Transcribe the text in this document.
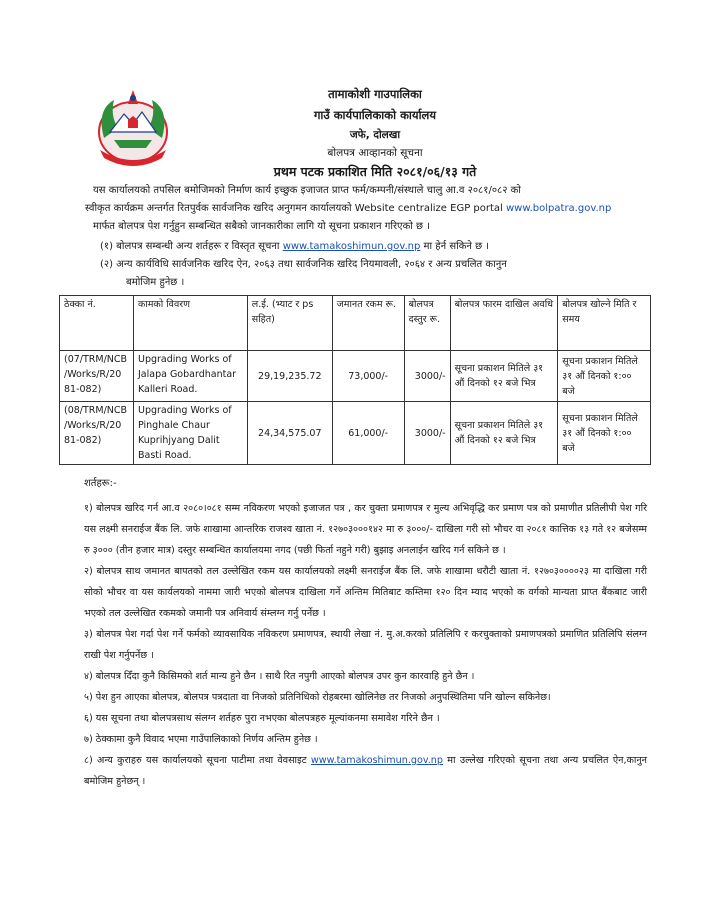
तामाकोशी गाउपालिका
गाउँ कार्यपालिकाको कार्यालय
जफे, दोलखा
बोलपत्र आव्हानको सूचना
प्रथम पटक प्रकाशित मिति २०८१/०६/१३ गते
यस कार्यालयको तपसिल बमोजिमको निर्माण कार्य इच्छुक इजाजत प्राप्त फर्म/कम्पनी/संस्थाले चालु आ.व २०८१/०८२ को
स्वीकृत कार्यक्रम अन्तर्गत रितपुर्वक सार्वजनिक खरिद अनुगमन कार्यालयको Website centralize EGP portal www.bolpatra.gov.np
मार्फत बोलपत्र पेश गर्नुहुन सम्बन्धित सबैको जानकारीका लागि यो सूचना प्रकाशन गरिएको छ ।
(१) बोलपत्र सम्बन्धी अन्य शर्तहरू र विस्तृत सूचना www.tamakoshimun.gov.np मा हेर्न सकिने छ ।
(२) अन्य कार्यविधि सार्वजनिक खरिद ऐन, २०६३ तथा सार्वजनिक खरिद नियमावली, २०६४ र अन्य प्रचलित कानुन
बमोजिम हुनेछ ।
ठेक्का नं.	कामको विवरण	ल.ई. (भ्याट र ps सहित)	जमानत रकम रू.	बोलपत्र दस्तुर रू.	बोलपत्र फारम दाखिल अवधि	बोलपत्र खोल्ने मिति र समय
(07/TRM/NCB /Works/R/20 81-082)	Upgrading Works of Jalapa Gobardhantar Kalleri Road.	29,19,235.72	73,000/-	3000/-	सूचना प्रकाशन मितिले ३१ औं दिनको १२ बजे भित्र	सूचना प्रकाशन मितिले ३१ औं दिनको १:०० बजे
(08/TRM/NCB /Works/R/20 81-082)	Upgrading Works of Pinghale Chaur Kuprihjyang Dalit Basti Road.	24,34,575.07	61,000/-	3000/-	सूचना प्रकाशन मितिले ३१ औं दिनको १२ बजे भित्र	सूचना प्रकाशन मितिले ३१ औं दिनको १:०० बजे
शर्तहरू:-

१) बोलपत्र खरिद गर्न आ.व २०८०।०८१ सम्म नविकरण भएको इजाजत पत्र , कर चुक्ता प्रमाणपत्र र मुल्य अभिवृद्धि कर प्रमाण पत्र को प्रमाणीत प्रतिलीपी पेश गरि यस लक्ष्मी सनराईज बैंक लि. जफे शाखामा आन्तरिक राजश्व खाता नं. १२७०३०००१४२ मा रु ३०००/- दाखिला गरी सो भौचर वा २०८१ कात्तिक १३ गते १२ बजेसम्म रु ३००० (तीन हजार मात्र) दस्तुर सम्बन्धित कार्यालयमा नगद (पछी फिर्ता नहुने गरी) बुझाइ अनलाईन खरिद गर्न सकिने छ ।

२) बोलपत्र साथ जमानत बापतको तल उल्लेखित रकम यस कार्यालयको लक्ष्मी सनराईज बैंक लि. जफे शाखामा धरौटी खाता नं. १२७०३००००२३ मा दाखिला गरी सोको भौचर वा यस कार्यलयको नाममा जारी भएको बोलपत्र दाखिला गर्ने अन्तिम मितिबाट कम्तिमा १२० दिन म्याद भएको क वर्गको मान्यता प्राप्त बैंकबाट जारी भएको तल उल्लेखित रकमको जमानी पत्र अनिवार्य संम्लग्न गर्नु पर्नेछ ।

३) बोलपत्र पेश गर्दा पेश गर्ने फर्मको व्यावसायिक नविकरण प्रमाणपत्र, स्थायी लेखा नं. मु.अ.करको प्रतिलिपि र करचुक्ताको प्रमाणपत्रको प्रमाणित प्रतिलिपि संलग्न राखी पेश गर्नुपर्नेछ ।

४) बोलपत्र दिँदा कुनै किसिमको शर्त मान्य हुने छैन । साथै रित नपुगी आएको बोलपत्र उपर कुन कारवाहि हुने छैन ।

५) पेश हुन आएका बोलपत्र, बोलपत्र पत्रदाता वा निजको प्रतिनिधिको रोहबरमा खोलिनेछ तर निजको अनुपस्थितिमा पनि खोल्न सकिनेछ।

६) यस सूचना तथा बोलपत्रसाथ संलग्न शर्तहरु पुरा नभएका बोलपत्रहरु मूल्यांकनमा समावेश गरिने छैन ।

७) ठेक्कामा कुनै विवाद भएमा गाउँपालिकाको निर्णय अन्तिम हुनेछ ।

८) अन्य कुराहरु यस कार्यालयको सूचना पाटीमा तथा वेवसाइट www.tamakoshimun.gov.np मा उल्लेख गरिएको सूचना तथा अन्य प्रचलित ऐन,कानुन बमोजिम हुनेछन् ।
